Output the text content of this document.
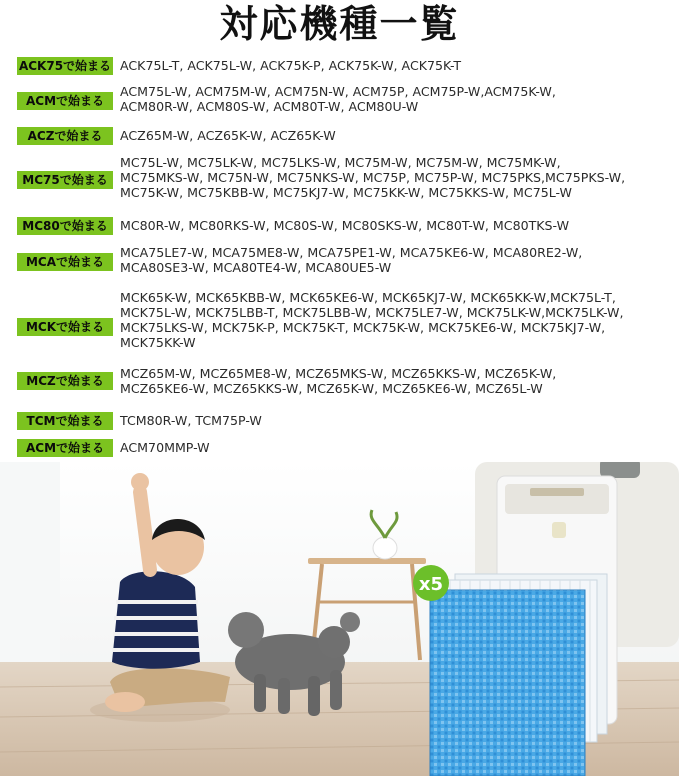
対応機種一覧
ACK75で始まる ACK75L-T, ACK75L-W, ACK75K-P, ACK75K-W, ACK75K-T
ACMで始まる
ACM75L-W, ACM75M-W, ACM75N-W, ACM75P, ACM75P-W,ACM75K-W,
ACM80R-W, ACM80S-W, ACM80T-W, ACM80U-W
ACZで始まる	ACZ65M-W, ACZ65K-W, ACZ65K-W
MC75で始まる
MC75L-W, MC75LK-W, MC75LKS-W, MC75M-W, MC75M-W, MC75MK-W,
MC75MKS-W, MC75N-W, MC75NKS-W, MC75P, MC75P-W, MC75PKS,MC75PKS-W,
MC75K-W, MC75KBB-W, MC75KJ7-W, MC75KK-W, MC75KKS-W, MC75L-W
MC80で始まる MC80R-W, MC80RKS-W, MC80S-W, MC80SKS-W, MC80T-W, MC80TKS-W
MCAで始まる
MCA75LE7-W, MCA75ME8-W, MCA75PE1-W, MCA75KE6-W, MCA80RE2-W,
MCA80SE3-W, MCA80TE4-W, MCA80UE5-W
MCKで始まる
MCK65K-W, MCK65KBB-W, MCK65KE6-W, MCK65KJ7-W, MCK65KK-W,MCK75L-T,
MCK75L-W, MCK75LBB-T, MCK75LBB-W, MCK75LE7-W, MCK75LK-W,MCK75LK-W,
MCK75LKS-W, MCK75K-P, MCK75K-T, MCK75K-W, MCK75KE6-W, MCK75KJ7-W,
MCK75KK-W
MCZで始まる	MCZ65M-W, MCZ65ME8-W, MCZ65MKS-W, MCZ65KKS-W, MCZ65K-W,
MCZ65KE6-W, MCZ65KKS-W, MCZ65K-W, MCZ65KE6-W, MCZ65L-W
TCMで始まる	TCM80R-W, TCM75P-W
ACMで始まる	ACM70MMP-W
x5
